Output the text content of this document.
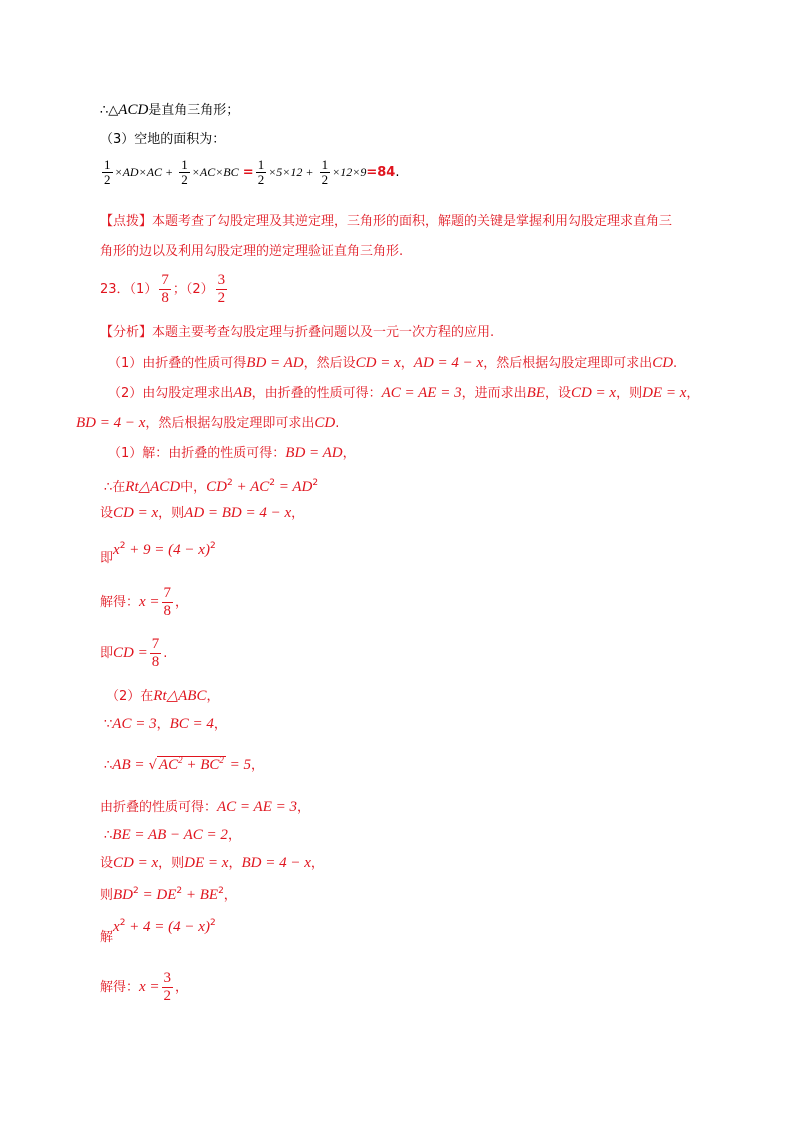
∴△ACD是直角三角形；
（3）空地的面积为：
$\frac{1}{2} \times AD\times AC + \frac{1}{2} \times AC\times BC = \frac{1}{2} \times 5\times 12 + \frac{1}{2} \times 12\times 9=84$.
【点拨】本题考查了勾股定理及其逆定理，三角形的面积，解题的关键是掌握利用勾股定理求直角三
角形的边以及利用勾股定理的逆定理验证直角三角形.
23．$(1) \frac{7}{8}$ ；$(2) \frac{3}{2}$
【分析】本题主要考查勾股定理与折叠问题以及一元一次方程的应用.
（1）由折叠的性质可得BD = AD，然后设CD = x，AD = 4 − x，然后根据勾股定理即可求出CD.
（2）由勾股定理求出AB，由折叠的性质可得：AC = AE = 3，进而求出BE，设CD = x，则DE = x，
BD = 4 − x，然后根据勾股定理即可求出CD.
（1）解：由折叠的性质可得：BD = AD，
∴在Rt△ACD中，$CD^2 + AC^2 = AD^2$
设CD = x，则AD = BD = 4 − x，
即$x^2 + 9 = (4 - x)^2$
解得：$x = \frac{7}{8}$ ，
即CD = $\frac{7}{8}$ .
（2）在Rt△ABC，
∵AC = 3，BC = 4，
∴AB = √ $AC^2 + BC^2 = 5$，
由折叠的性质可得：AC = AE = 3，
∴BE = AB − AC = 2，
设CD = x，则DE = x，BD = 4 − x，
则$BD^2 = DE^2 + BE^2$，
解$x^2 + 4 = (4 - x)^2$
解得：$x = \frac{3}{2}$ ，
